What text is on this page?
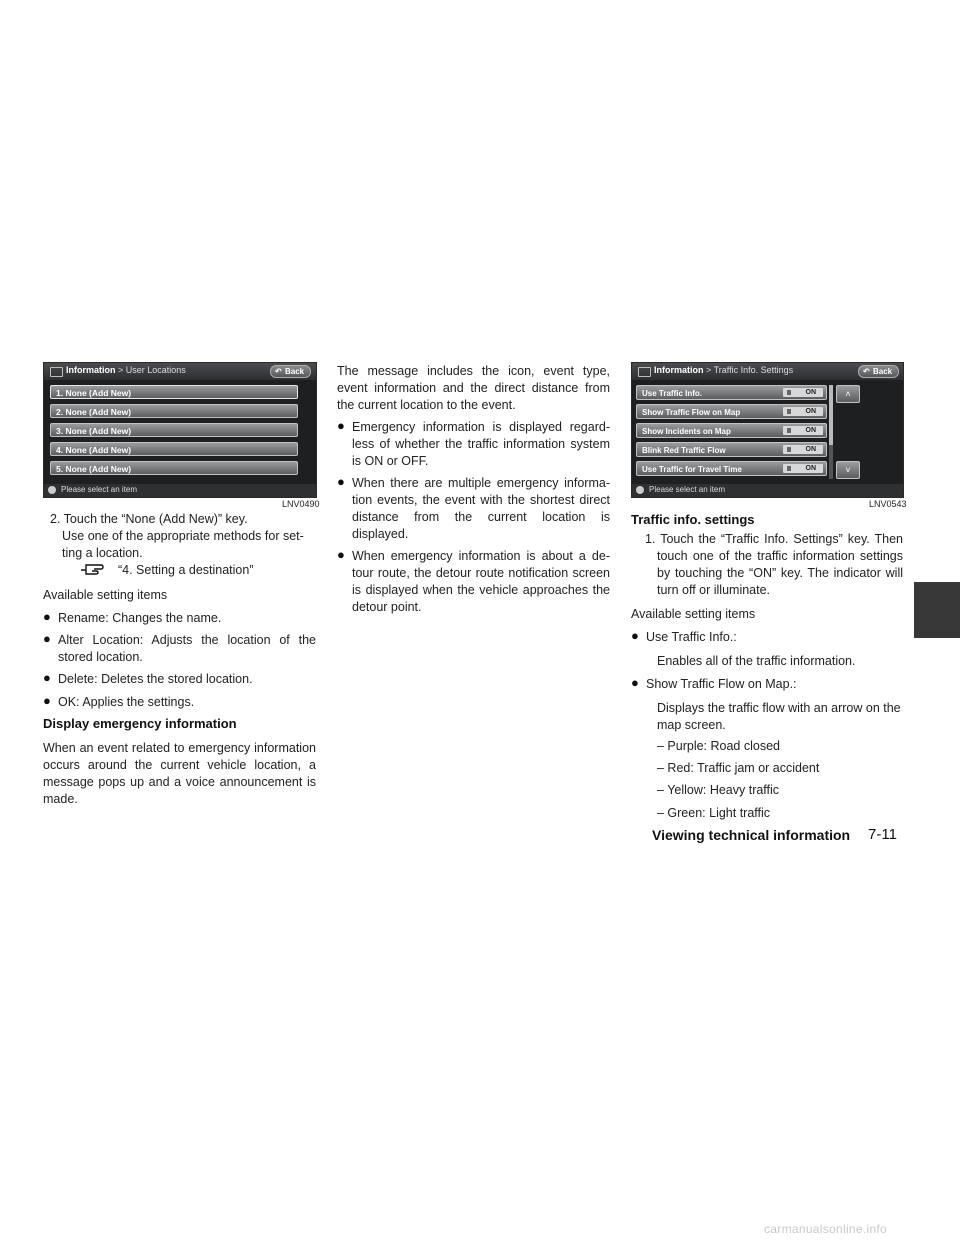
Information > User Locations	↶ Back
1. None (Add New)
2. None (Add New)
3. None (Add New)
4. None (Add New)
5. None (Add New)
Please select an item
LNV0490
Information > Traffic Info. Settings	↶ Back
Use Traffic Info.	ON
Show Traffic Flow on Map	ON
Show Incidents on Map	ON
Blink Red Traffic Flow	ON
Use Traffic for Travel Time	ON
˄
˅
Please select an item
LNV0543

2. Touch the “None (Add New)” key.

Use one of the appropriate methods for set-

ting a location.

“4. Setting a destination”

Available setting items

● Rename: Changes the name.

● Alter Location: Adjusts the location of the

stored location.

● Delete: Deletes the stored location.

● OK: Applies the settings.

Display emergency information

When an event related to emergency information

occurs around the current vehicle location, a

message pops up and a voice announcement is

made.

The message includes the icon, event type,

event information and the direct distance from

the current location to the event.

● Emergency information is displayed regard-

less of whether the traffic information system

is ON or OFF.

● When there are multiple emergency informa-

tion events, the event with the shortest direct

distance from the current location is

displayed.

● When emergency information is about a de-

tour route, the detour route notification screen

is displayed when the vehicle approaches the

detour point.

Traffic info. settings

1. Touch the “Traffic Info. Settings” key. Then

touch one of the traffic information settings

by touching the “ON” key. The indicator will

turn off or illuminate.

Available setting items

● Use Traffic Info.:

Enables all of the traffic information.

● Show Traffic Flow on Map.:

Displays the traffic flow with an arrow on the

map screen.

– Purple: Road closed

– Red: Traffic jam or accident

– Yellow: Heavy traffic

– Green: Light traffic

Viewing technical information 7-11

carmanualsonline.info
